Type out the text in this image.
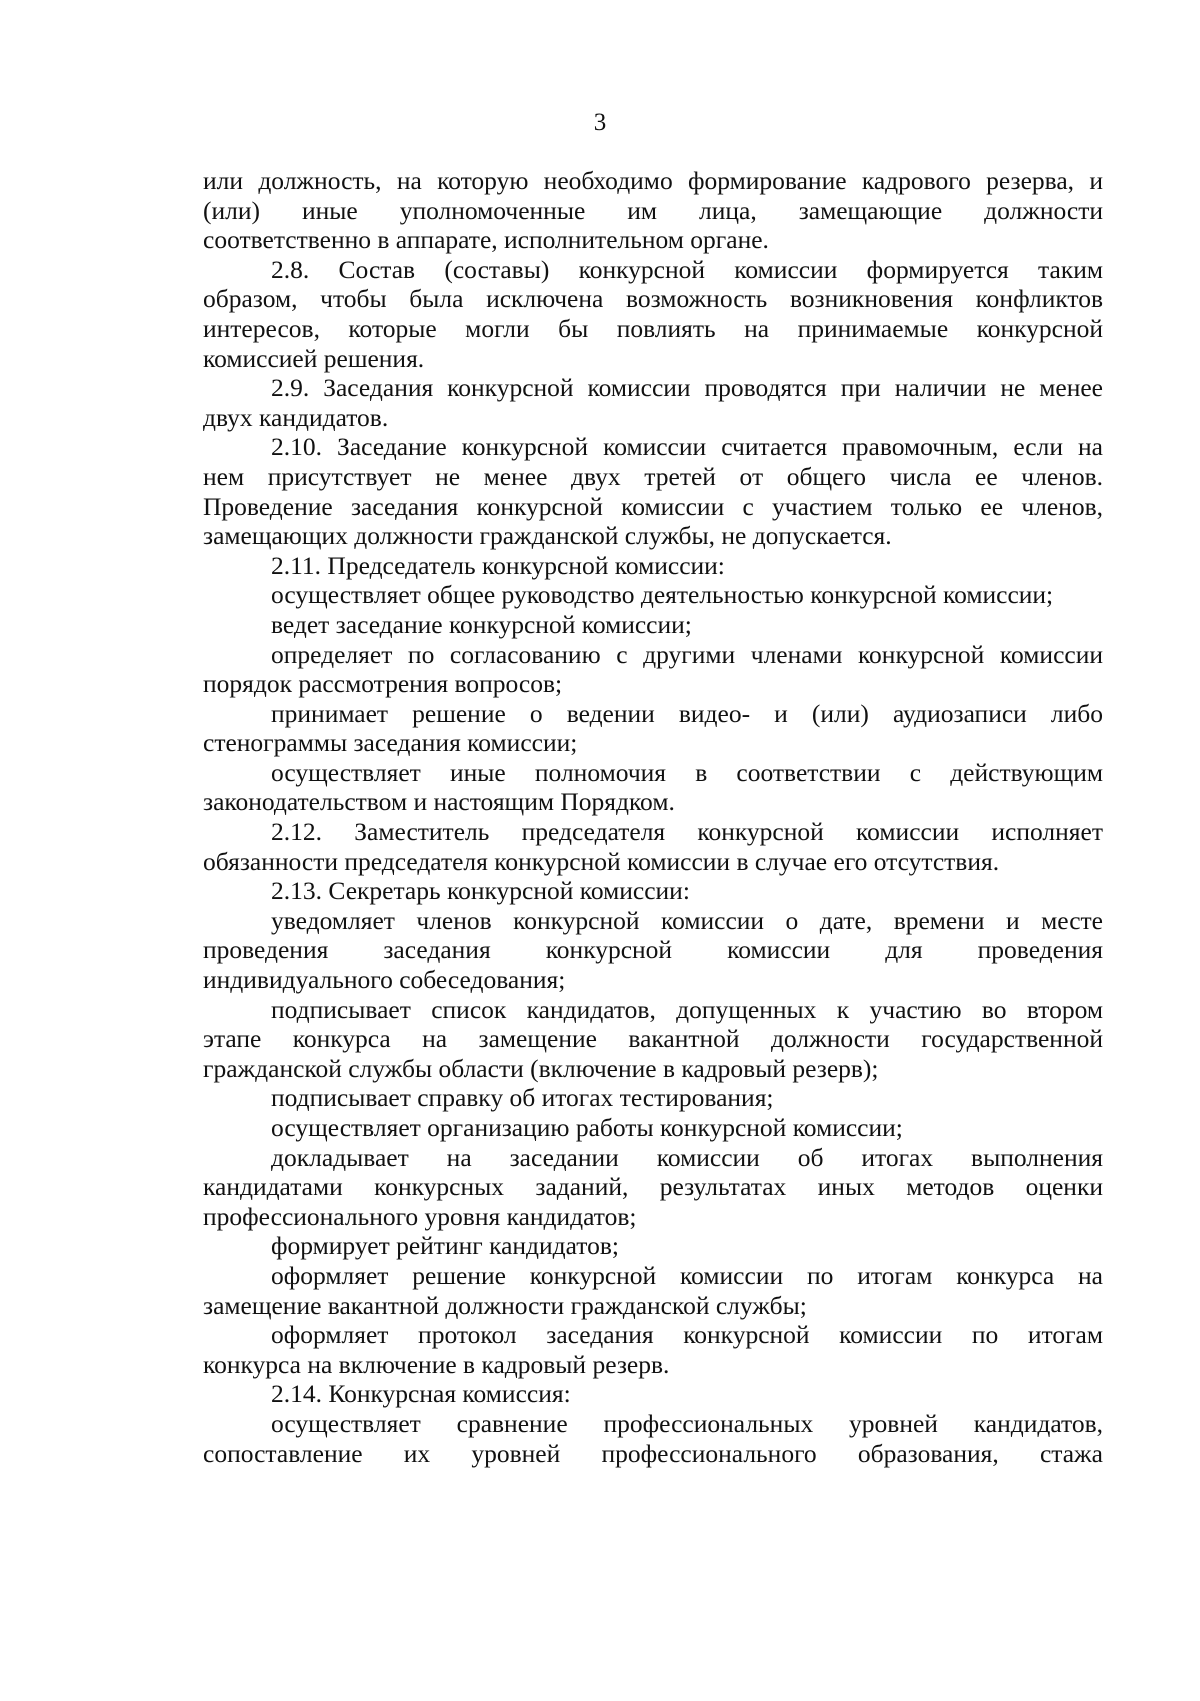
3
или должность, на которую необходимо формирование кадрового резерва, и
(или) иные уполномоченные им лица, замещающие должности
соответственно в аппарате, исполнительном органе.
2.8. Состав (составы) конкурсной комиссии формируется таким
образом, чтобы была исключена возможность возникновения конфликтов
интересов, которые могли бы повлиять на принимаемые конкурсной
комиссией решения.
2.9. Заседания конкурсной комиссии проводятся при наличии не менее
двух кандидатов.
2.10. Заседание конкурсной комиссии считается правомочным, если на
нем присутствует не менее двух третей от общего числа ее членов.
Проведение заседания конкурсной комиссии с участием только ее членов,
замещающих должности гражданской службы, не допускается.
2.11. Председатель конкурсной комиссии:
осуществляет общее руководство деятельностью конкурсной комиссии;
ведет заседание конкурсной комиссии;
определяет по согласованию с другими членами конкурсной комиссии
порядок рассмотрения вопросов;
принимает решение о ведении видео- и (или) аудиозаписи либо
стенограммы заседания комиссии;
осуществляет иные полномочия в соответствии с действующим
законодательством и настоящим Порядком.
2.12. Заместитель председателя конкурсной комиссии исполняет
обязанности председателя конкурсной комиссии в случае его отсутствия.
2.13. Секретарь конкурсной комиссии:
уведомляет членов конкурсной комиссии о дате, времени и месте
проведения заседания конкурсной комиссии для проведения
индивидуального собеседования;
подписывает список кандидатов, допущенных к участию во втором
этапе конкурса на замещение вакантной должности государственной
гражданской службы области (включение в кадровый резерв);
подписывает справку об итогах тестирования;
осуществляет организацию работы конкурсной комиссии;
докладывает на заседании комиссии об итогах выполнения
кандидатами конкурсных заданий, результатах иных методов оценки
профессионального уровня кандидатов;
формирует рейтинг кандидатов;
оформляет решение конкурсной комиссии по итогам конкурса на
замещение вакантной должности гражданской службы;
оформляет протокол заседания конкурсной комиссии по итогам
конкурса на включение в кадровый резерв.
2.14. Конкурсная комиссия:
осуществляет сравнение профессиональных уровней кандидатов,
сопоставление их уровней профессионального образования, стажа
